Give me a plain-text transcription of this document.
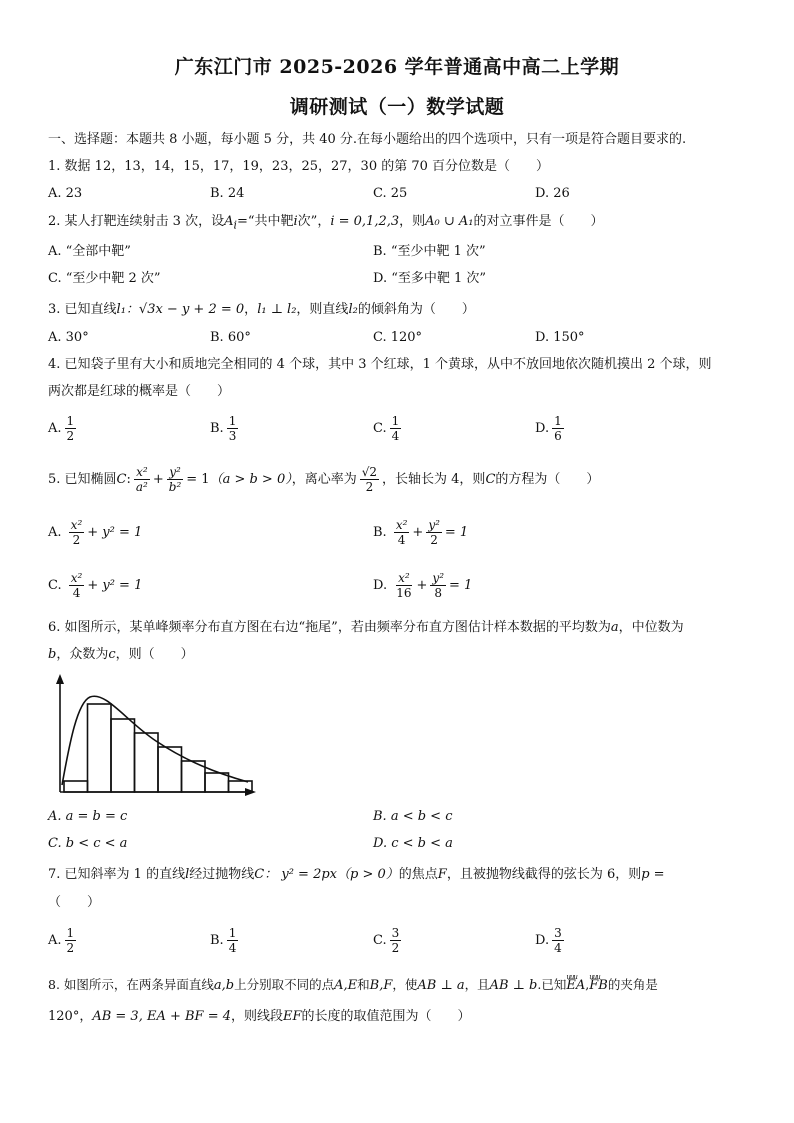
广东江门市 2025-2026 学年普通高中高二上学期
调研测试（一）数学试题
一、选择题：本题共 8 小题，每小题 5 分，共 40 分.在每小题给出的四个选项中，只有一项是符合题目要求的.
1. 数据 12，13，14，15，17，19，23，25，27，30 的第 70 百分位数是（　　）
A. 23	B. 24	C. 25	D. 26
2. 某人打靶连续射击 3 次，设$A_i=“$共中靶i次”，i = 0,1,2,3，则A₀ ∪ A₁的对立事件是（　　）
A. “全部中靶”	B. “至少中靶 1 次”
C. “至少中靶 2 次”	D. “至多中靶 1 次”
3. 已知直线l₁：√3x − y + 2 = 0，l₁ ⊥ l₂，则直线l₂的倾斜角为（　　）
A. 30°	B. 60°	C. 120°	D. 150°
4. 已知袋子里有大小和质地完全相同的 4 个球，其中 3 个红球，1 个黄球，从中不放回地依次随机摸出 2 个球，则
两次都是红球的概率是（　　）
A. $\frac{1}{2}$	B. $\frac{1}{3}$	C. $\frac{1}{4}$	D. $\frac{1}{6}$
5. 已知椭圆C: $\frac{\text{x²}}{\text{a²}} + \frac{\text{y²}}{\text{b²}} = 1(a > b > 0)$，离心率为 $\frac{√2}{2}$ ，长轴长为 4，则C的方程为（　　）
A. $\frac{\text{x²}}{2} + y^2 = 1$	B. $\frac{\text{x²}}{4} + \frac{\text{y²}}{2} = 1$
C. $\frac{\text{x²}}{4} + y^2 = 1$	D. $\frac{\text{x²}}{16} + \frac{\text{y²}}{8} = 1$
6. 如图所示，某单峰频率分布直方图在右边“拖尾”，若由频率分布直方图估计样本数据的平均数为a，中位数为
b，众数为c，则（　　）
A. a = b = c	B. a < b < c
C. b < c < a	D. c < b < a
7. 已知斜率为 1 的直线l经过抛物线C： y² = 2px（p > 0）的焦点F，且被抛物线截得的弦长为 6，则p =
（　　）
A. $\frac{1}{2}$	B. $\frac{1}{4}$	C. $\frac{3}{2}$	D. $\frac{3}{4}$
8. 如图所示，在两条异面直线a,b上分别取不同的点A,E和B,F，使AB ⊥ a，且AB ⊥ b.已知uuu EA,uuu FB的夹角是
120°，AB = 3, EA + BF = 4，则线段EF的长度的取值范围为（　　）
